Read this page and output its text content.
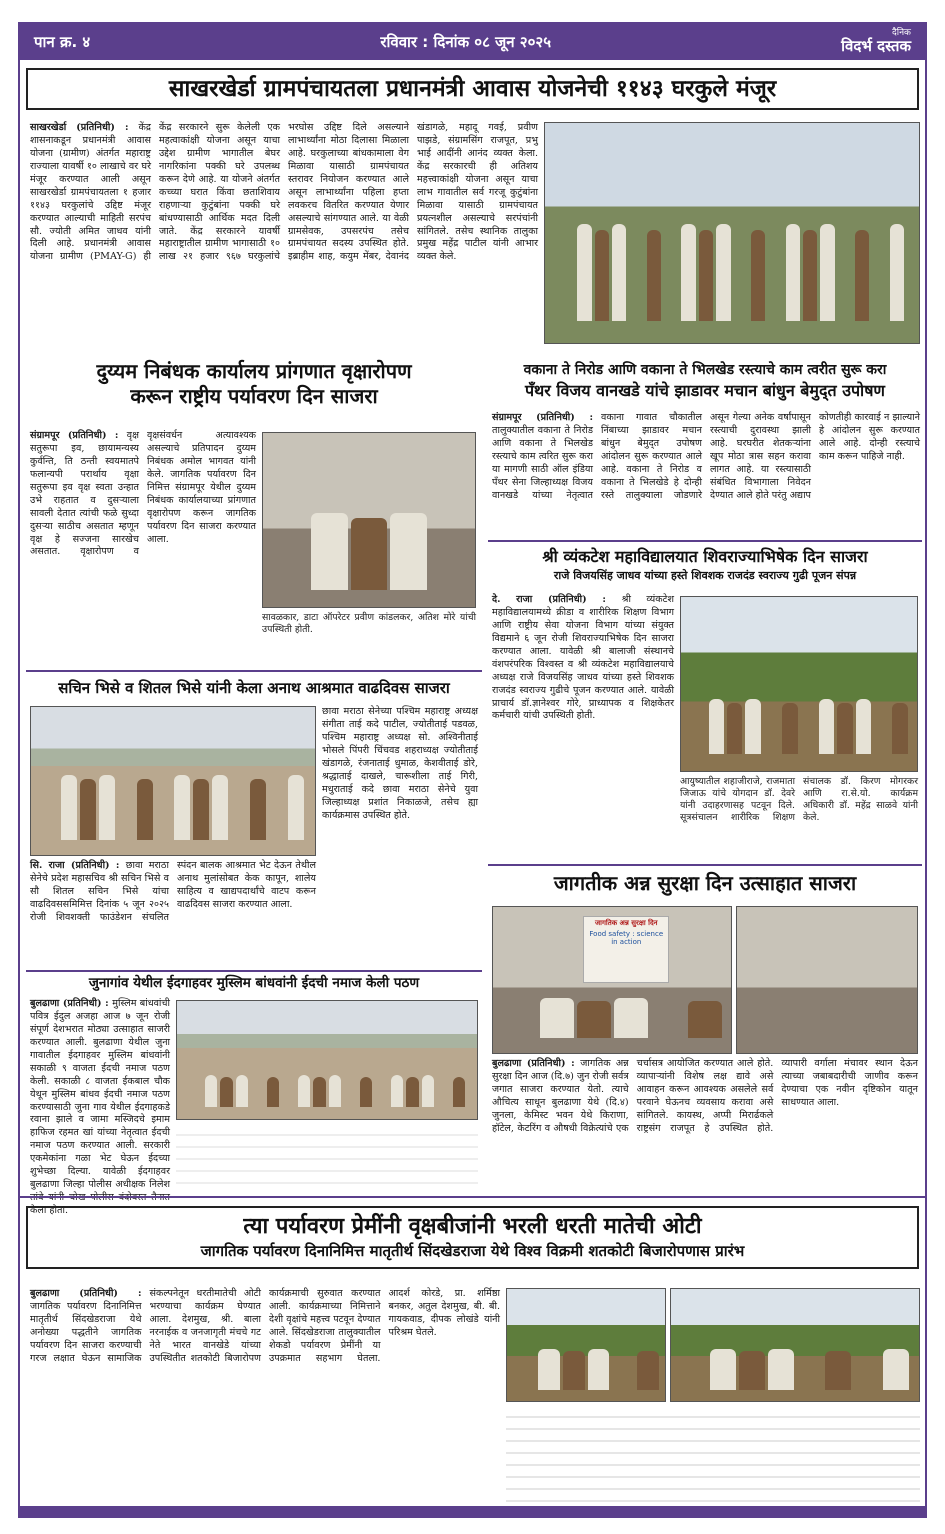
पान क्र. ४	रविवार : दिनांक ०८ जून २०२५	दैनिक
विदर्भ दस्तक
साखरखेर्डा ग्रामपंचायतला प्रधानमंत्री आवास योजनेची ११४३ घरकुले मंजूर
साखरखेर्डा (प्रतिनिधी) : केंद्र शासनाकडून प्रधानमंत्री आवास योजना (ग्रामीण) अंतर्गत महाराष्ट्र राज्याला यावर्षी १० लाखाचे वर घरे मंजूर करण्यात आली असून साखरखेर्डा ग्रामपंचायतला १ हजार ११४३ घरकुलांचे उद्दिष्ट मंजूर करण्यात आल्याची माहिती सरपंच सौ. ज्योती अमित जाधव यांनी दिली आहे. प्रधानमंत्री आवास योजना ग्रामीण (PMAY-G) ही केंद्र सरकारने सुरू केलेली एक महत्वाकांक्षी योजना असून याचा उद्देश ग्रामीण भागातील बेघर नागरिकांना पक्की घरे उपलब्ध करून देणे आहे. या योजने अंतर्गत कच्च्या घरात किंवा छताशिवाय राहणाऱ्या कुटुंबांना पक्की घरे बांधण्यासाठी आर्थिक मदत दिली जाते. केंद्र सरकारने यावर्षी महाराष्ट्रातील ग्रामीण भागासाठी १० लाख २१ हजार ९६७ घरकुलांचे भरघोस उद्दिष्ट दिले असल्याने लाभार्थ्यांना मोठा दिलासा मिळाला आहे. घरकुलाच्या बांधकामाला वेग मिळावा यासाठी ग्रामपंचायत स्तरावर नियोजन करण्यात आले असून लाभार्थ्यांना पहिला हप्ता लवकरच वितरित करण्यात येणार असल्याचे सांगण्यात आले. या वेळी ग्रामसेवक, उपसरपंच तसेच ग्रामपंचायत सदस्य उपस्थित होते. इब्राहीम शाह, कयुम मेंबर, देवानंद खंडागळे, महादू गवई, प्रवीण पाझडे, संग्रामसिंग राजपूत, प्रभु भाई आदींनी आनंद व्यक्त केला. केंद्र सरकारची ही अतिशय महत्त्वाकांक्षी योजना असून याचा लाभ गावातील सर्व गरजू कुटुंबांना मिळावा यासाठी ग्रामपंचायत प्रयत्नशील असल्याचे सरपंचांनी सांगितले. तसेच स्थानिक तालुका प्रमुख महेंद्र पाटील यांनी आभार व्यक्त केले.
दुय्यम निबंधक कार्यालय प्रांगणात वृक्षारोपण
करून राष्ट्रीय पर्यावरण दिन साजरा
संग्रामपूर (प्रतिनिधी) : वृक्ष सतुरूपा इव, छायामन्यस्य कुर्वन्ति, ति ठन्ती स्वयमातपे फलान्यपी परार्थाय वृक्षा सतुरूपा इव वृक्ष स्वता उन्हात उभे राहतात व दुसऱ्याला सावली देतात त्यांची फळे सुध्दा दुसऱ्या साठीच असतात म्हणून वृक्ष हे सज्जना सारखेच असतात. वृक्षारोपण व वृक्षसंवर्धन अत्यावश्यक असल्याचे प्रतिपादन दुय्यम निबंधक अमोल भागवत यांनी केले. जागतिक पर्यावरण दिन निमित्त संग्रामपूर येथील दुय्यम निबंधक कार्यालयाच्या प्रांगणात वृक्षारोपण करून जागतिक पर्यावरण दिन साजरा करण्यात आला.
सावळकार, डाटा ऑपरेटर प्रवीण कांडलकर, अतिश मोरे यांची उपस्थिती होती.
वकाना ते निरोड आणि वकाना ते भिलखेड रस्त्याचे काम त्वरीत सुरू करा
पँथर विजय वानखडे यांचे झाडावर मचान बांधुन बेमुद्त उपोषण
संग्रामपूर (प्रतिनिधी) : तालुक्यातील वकाना ते निरोड आणि वकाना ते भिलखेड रस्त्याचे काम त्वरित सुरू करा या मागणी साठी ऑल इंडिया पँथर सेना जिल्हाध्यक्ष विजय वानखडे यांच्या नेतृत्वात वकाना गावात चौकातील निंबाच्या झाडावर मचान बांधुन बेमुद्त उपोषण आंदोलन सुरू करण्यात आले आहे. वकाना ते निरोड व वकाना ते भिलखेडे हे दोन्ही रस्ते तालुक्याला जोडणारे असून गेल्या अनेक वर्षांपासून रस्त्याची दुरावस्था झाली आहे. घरघरीत शेतकऱ्यांना खूप मोठा त्रास सहन करावा लागत आहे. या रस्त्यासाठी संबंधित विभागाला निवेदन देण्यात आले होते परंतु अद्याप कोणतीही कारवाई न झाल्याने हे आंदोलन सुरू करण्यात आले आहे. दोन्ही रस्त्याचे काम करून पाहिजे नाही.
श्री व्यंकटेश महाविद्यालयात शिवराज्याभिषेक दिन साजरा
राजे विजयसिंह जाधव यांच्या हस्ते शिवशक राजदंड स्वराज्य गुढी पूजन संपन्न
दे. राजा (प्रतिनिधी) : श्री व्यंकटेश महाविद्यालयामध्ये क्रीडा व शारीरिक शिक्षण विभाग आणि राष्ट्रीय सेवा योजना विभाग यांच्या संयुक्त विद्यमाने ६ जून रोजी शिवराज्याभिषेक दिन साजरा करण्यात आला. यावेळी श्री बालाजी संस्थानचे वंशपरंपरिक विश्वस्त व श्री व्यंकटेश महाविद्यालयाचे अध्यक्ष राजे विजयसिंह जाधव यांच्या हस्ते शिवशक राजदंड स्वराज्य गुढीचे पूजन करण्यात आले. यावेळी प्राचार्य डॉ.ज्ञानेश्वर गोरे, प्राध्यापक व शिक्षकेतर कर्मचारी यांची उपस्थिती होती.
आयुष्यातील शहाजीराजे, राजमाता जिजाऊ यांचे योगदान डॉ. देवरे यांनी उदाहरणासह पटवून दिले. सूत्रसंचालन शारीरिक शिक्षण संचालक डॉ. किरण मोगरकर आणि रा.से.यो. कार्यक्रम अधिकारी डॉ. महेंद्र साळवे यांनी केले.
सचिन भिसे व शितल भिसे यांनी केला अनाथ आश्रमात वाढदिवस साजरा
छावा मराठा सेनेच्या पश्चिम महाराष्ट्र अध्यक्ष संगीता ताई कदे पाटील, ज्योतीताई पडवळ, पश्चिम महाराष्ट्र अध्यक्ष सो. अश्विनीताई भोसले पिंपरी चिंचवड शहराध्यक्ष ज्योतीताई खंडागळे, रंजनाताई धुमाळ, केशवीताई डोरे, श्रद्धाताई दाखले, चारूशीला ताई गिरी, मधुराताई कदे छावा मराठा सेनेचे युवा जिल्हाध्यक्ष प्रशांत निकाळजे, तसेच ह्या कार्यक्रमास उपस्थित होते.
सि. राजा (प्रतिनिधी) : छावा मराठा सेनेचे प्रदेश महासचिव श्री सचिन भिसे व सौ शितल सचिन भिसे यांचा वाढदिवससमिमित्त दिनांक ५ जून २०२५ रोजी शिवशक्ती फाउंडेशन संचलित स्पंदन बालक आश्रमात भेट देऊन तेथील अनाथ मुलांसोबत केक कापून, शालेय साहित्य व खाद्यपदार्थांचे वाटप करून वाढदिवस साजरा करण्यात आला.
जुनागांव येथील ईदगाहवर मुस्लिम बांधवांनी ईदची नमाज केली पठण
बुलढाणा (प्रतिनिधी) : मुस्लिम बांधवांची पवित्र ईदुल अजहा आज ७ जून रोजी संपूर्ण देशभरात मोठ्या उत्साहात साजरी करण्यात आली. बुलढाणा येथील जुना गावातील ईदगाहवर मुस्लिम बांधवांनी सकाळी ९ वाजता ईदची नमाज पठण केली. सकाळी ८ वाजता ईकबाल चौक येथून मुस्लिम बांधव ईदची नमाज पठण करण्यासाठी जुना गाव येथील ईदगाहकडे रवाना झाले व जामा मस्जिदचे इमाम हाफिज रहमत खां यांच्या नेतृत्वात ईदची नमाज पठण करण्यात आली. सरकारी एकमेकांना गळा भेट घेऊन ईदच्या शुभेच्छा दिल्या. यावेळी ईदगाहवर बुलढाणा जिल्हा पोलीस अधीक्षक निलेश तांबे यांनी चोख पोलीस बंदोबस्त तैनात केला होता.
जागतीक अन्न सुरक्षा दिन उत्साहात साजरा
जागतिक अन्न सुरक्षा दिन
Food safety : science in action
बुलढाणा (प्रतिनिधी) : जागतिक अन्न सुरक्षा दिन आज (दि.७) जुन रोजी सर्वत्र जगात साजरा करण्यात येतो. त्याचे औचित्य साधून बुलढाणा येथे (दि.४) जुनला, केमिस्ट भवन येथे किराणा, हॉटेल, केटरिंग व औषधी विक्रेत्यांचे एक चर्चासत्र आयोजित करण्यात आले होते. व्यापाऱ्यांनी विशेष लक्ष द्यावे असे आवाहन करून आवश्यक असलेले सर्व परवाने घेऊनच व्यवसाय करावा असे सांगितले. कायस्थ, अप्पी मिरार्ढकले राष्ट्रसंग राजपूत हे उपस्थित होते. व्यापारी वर्गाला मंचावर स्थान देऊन त्याच्या जबाबदारीची जाणीव करून देण्याचा एक नवीन दृष्टिकोन यातून साधण्यात आला.
त्या पर्यावरण प्रेमींनी वृक्षबीजांनी भरली धरती मातेची ओटी
जागतिक पर्यावरण दिनानिमित्त मातृतीर्थ सिंदखेडराजा येथे विश्व विक्रमी शतकोटी बिजारोपणास प्रारंभ
बुलढाणा (प्रतिनिधी) : जागतिक पर्यावरण दिनानिमित्त मातृतीर्थ सिंदखेडराजा येथे अनोख्या पद्धतीने जागतिक पर्यावरण दिन साजरा करण्याची गरज लक्षात घेऊन सामाजिक संकल्पनेतून धरतीमातेची ओटी भरण्याचा कार्यक्रम घेण्यात आला. देशमुख, श्री. बाला नरनाईक व जनजागृती मंचचे गट नेते भारत वानखेडे यांच्या उपस्थितीत शतकोटी बिजारोपण कार्यक्रमाची सुरुवात करण्यात आली. कार्यक्रमाच्या निमित्ताने देशी वृक्षांचे महत्त्व पटवून देण्यात आले. सिंदखेडराजा तालुक्यातील शेकडो पर्यावरण प्रेमींनी या उपक्रमात सहभाग घेतला. आदर्श कोरडे, प्रा. शर्मिष्ठा बनकर, अतुल देशमुख, बी. बी. गायकवाड, दीपक लोखंडे यांनी परिश्रम घेतले.
